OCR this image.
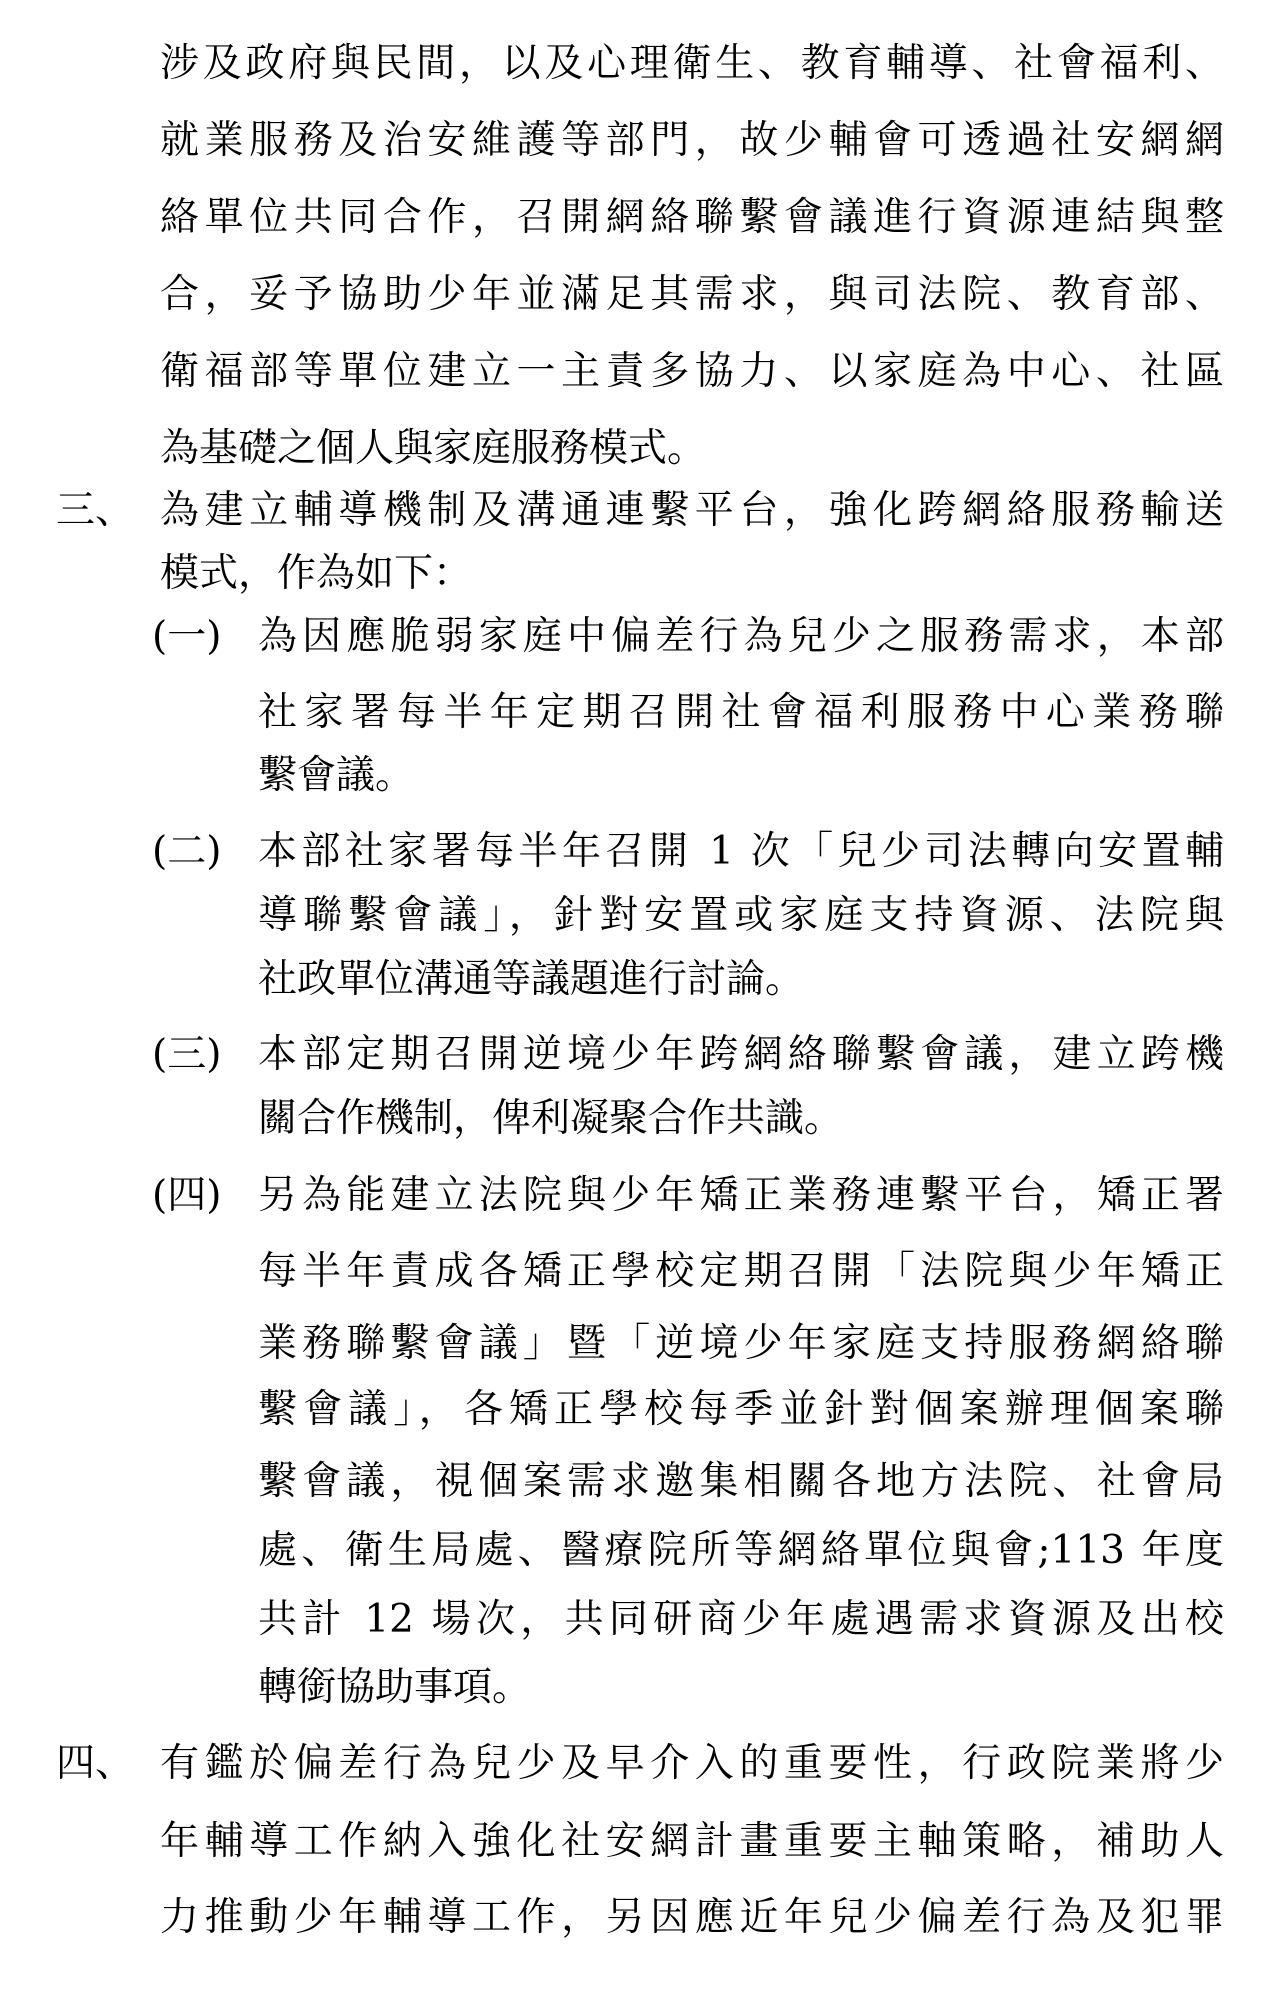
涉及政府與民間，以及心理衛生、教育輔導、社會福利、
就業服務及治安維護等部門，故少輔會可透過社安網網
絡單位共同合作，召開網絡聯繫會議進行資源連結與整
合，妥予協助少年並滿足其需求，與司法院、教育部、
衛福部等單位建立一主責多協力、以家庭為中心、社區
為基礎之個人與家庭服務模式。
三、 為建立輔導機制及溝通連繫平台，強化跨網絡服務輸送
模式，作為如下：
(一) 為因應脆弱家庭中偏差行為兒少之服務需求，本部
社家署每半年定期召開社會福利服務中心業務聯
繫會議。
(二) 本部社家署每半年召開 1 次「兒少司法轉向安置輔
導聯繫會議」，針對安置或家庭支持資源、法院與
社政單位溝通等議題進行討論。
(三) 本部定期召開逆境少年跨網絡聯繫會議，建立跨機
關合作機制，俾利凝聚合作共識。
(四) 另為能建立法院與少年矯正業務連繫平台，矯正署
每半年責成各矯正學校定期召開「法院與少年矯正
業務聯繫會議」暨「逆境少年家庭支持服務網絡聯
繫會議」，各矯正學校每季並針對個案辦理個案聯
繫會議，視個案需求邀集相關各地方法院、社會局
處、衛生局處、醫療院所等網絡單位與會;113 年度
共計 12 場次，共同研商少年處遇需求資源及出校
轉銜協助事項。
四、 有鑑於偏差行為兒少及早介入的重要性，行政院業將少
年輔導工作納入強化社安網計畫重要主軸策略，補助人
力推動少年輔導工作，另因應近年兒少偏差行為及犯罪
